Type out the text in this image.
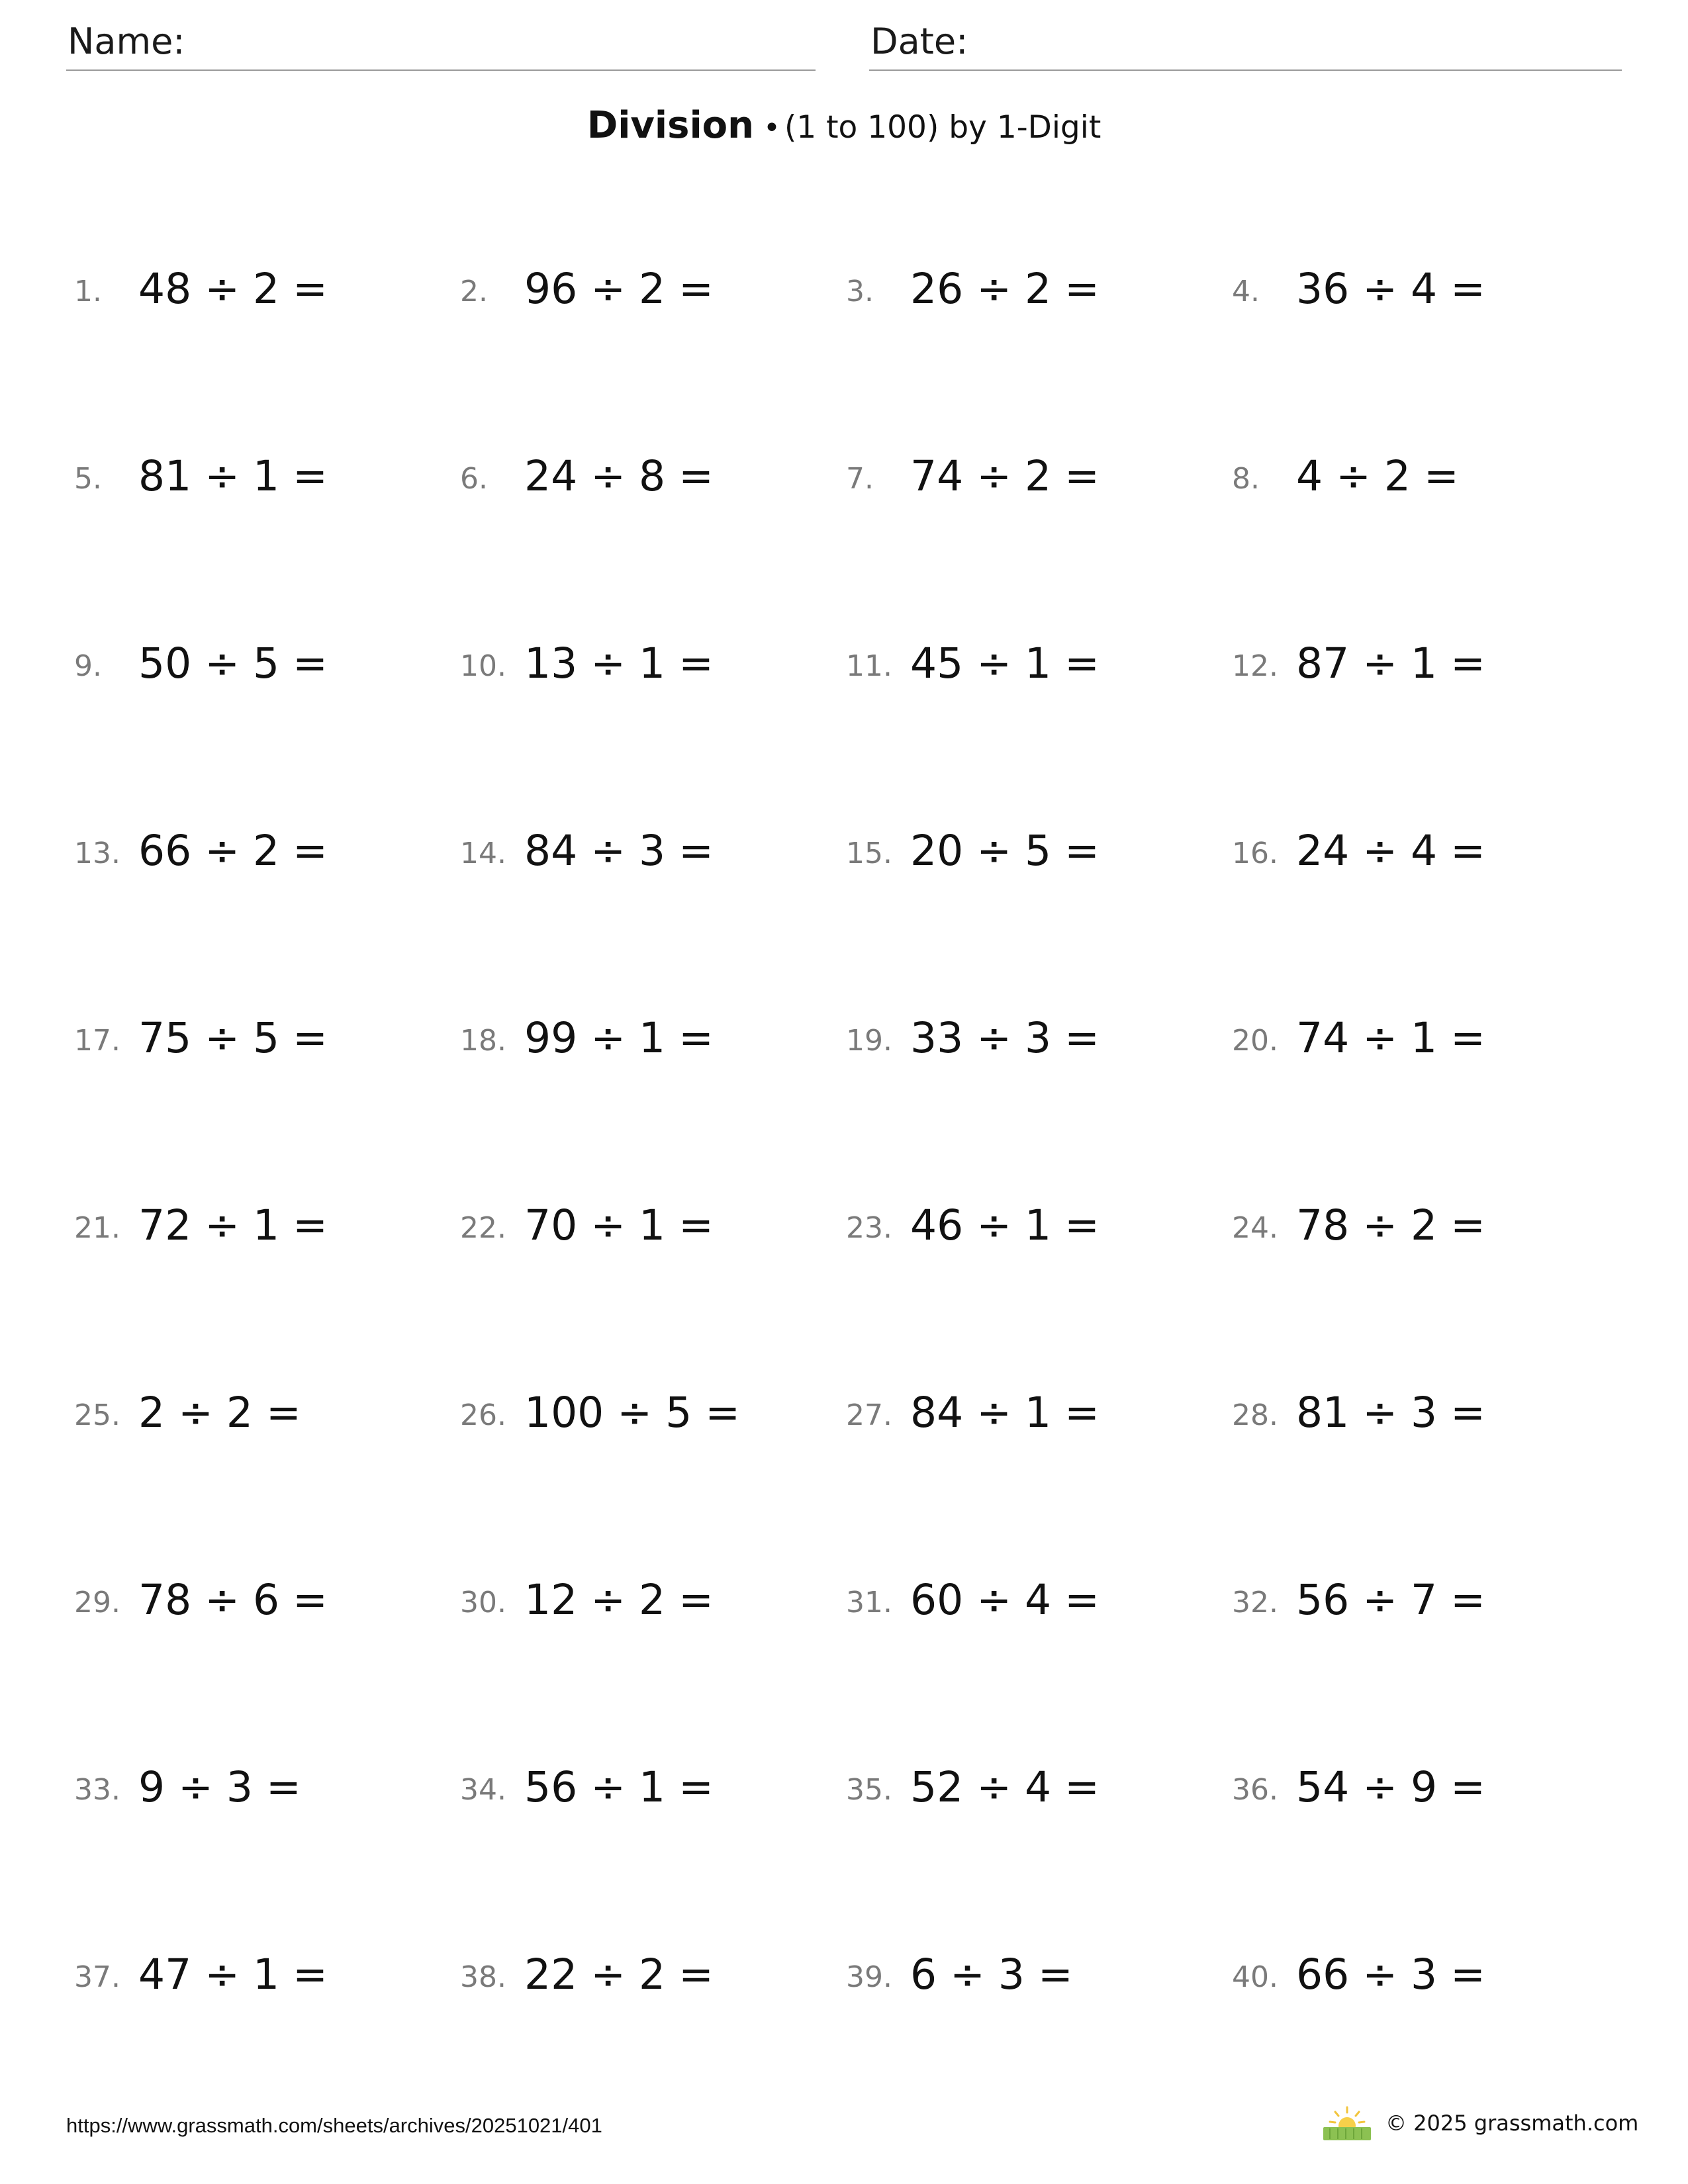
Name:	Date:
Division • (1 to 100) by 1-Digit
1. 48 ÷ 2 =	2. 96 ÷ 2 =	3. 26 ÷ 2 =	4. 36 ÷ 4 =
5. 81 ÷ 1 =	6. 24 ÷ 8 =	7. 74 ÷ 2 =	8. 4 ÷ 2 =
9. 50 ÷ 5 =	10. 13 ÷ 1 =	11. 45 ÷ 1 =	12. 87 ÷ 1 =
13. 66 ÷ 2 =	14. 84 ÷ 3 =	15. 20 ÷ 5 =	16. 24 ÷ 4 =
17. 75 ÷ 5 =	18. 99 ÷ 1 =	19. 33 ÷ 3 =	20. 74 ÷ 1 =
21. 72 ÷ 1 =	22. 70 ÷ 1 =	23. 46 ÷ 1 =	24. 78 ÷ 2 =
25. 2 ÷ 2 =	26. 100 ÷ 5 =	27. 84 ÷ 1 =	28. 81 ÷ 3 =
29. 78 ÷ 6 =	30. 12 ÷ 2 =	31. 60 ÷ 4 =	32. 56 ÷ 7 =
33. 9 ÷ 3 =	34. 56 ÷ 1 =	35. 52 ÷ 4 =	36. 54 ÷ 9 =
37. 47 ÷ 1 =	38. 22 ÷ 2 =	39. 6 ÷ 3 =	40. 66 ÷ 3 =
https://www.grassmath.com/sheets/archives/20251021/401	© 2025 grassmath.com
